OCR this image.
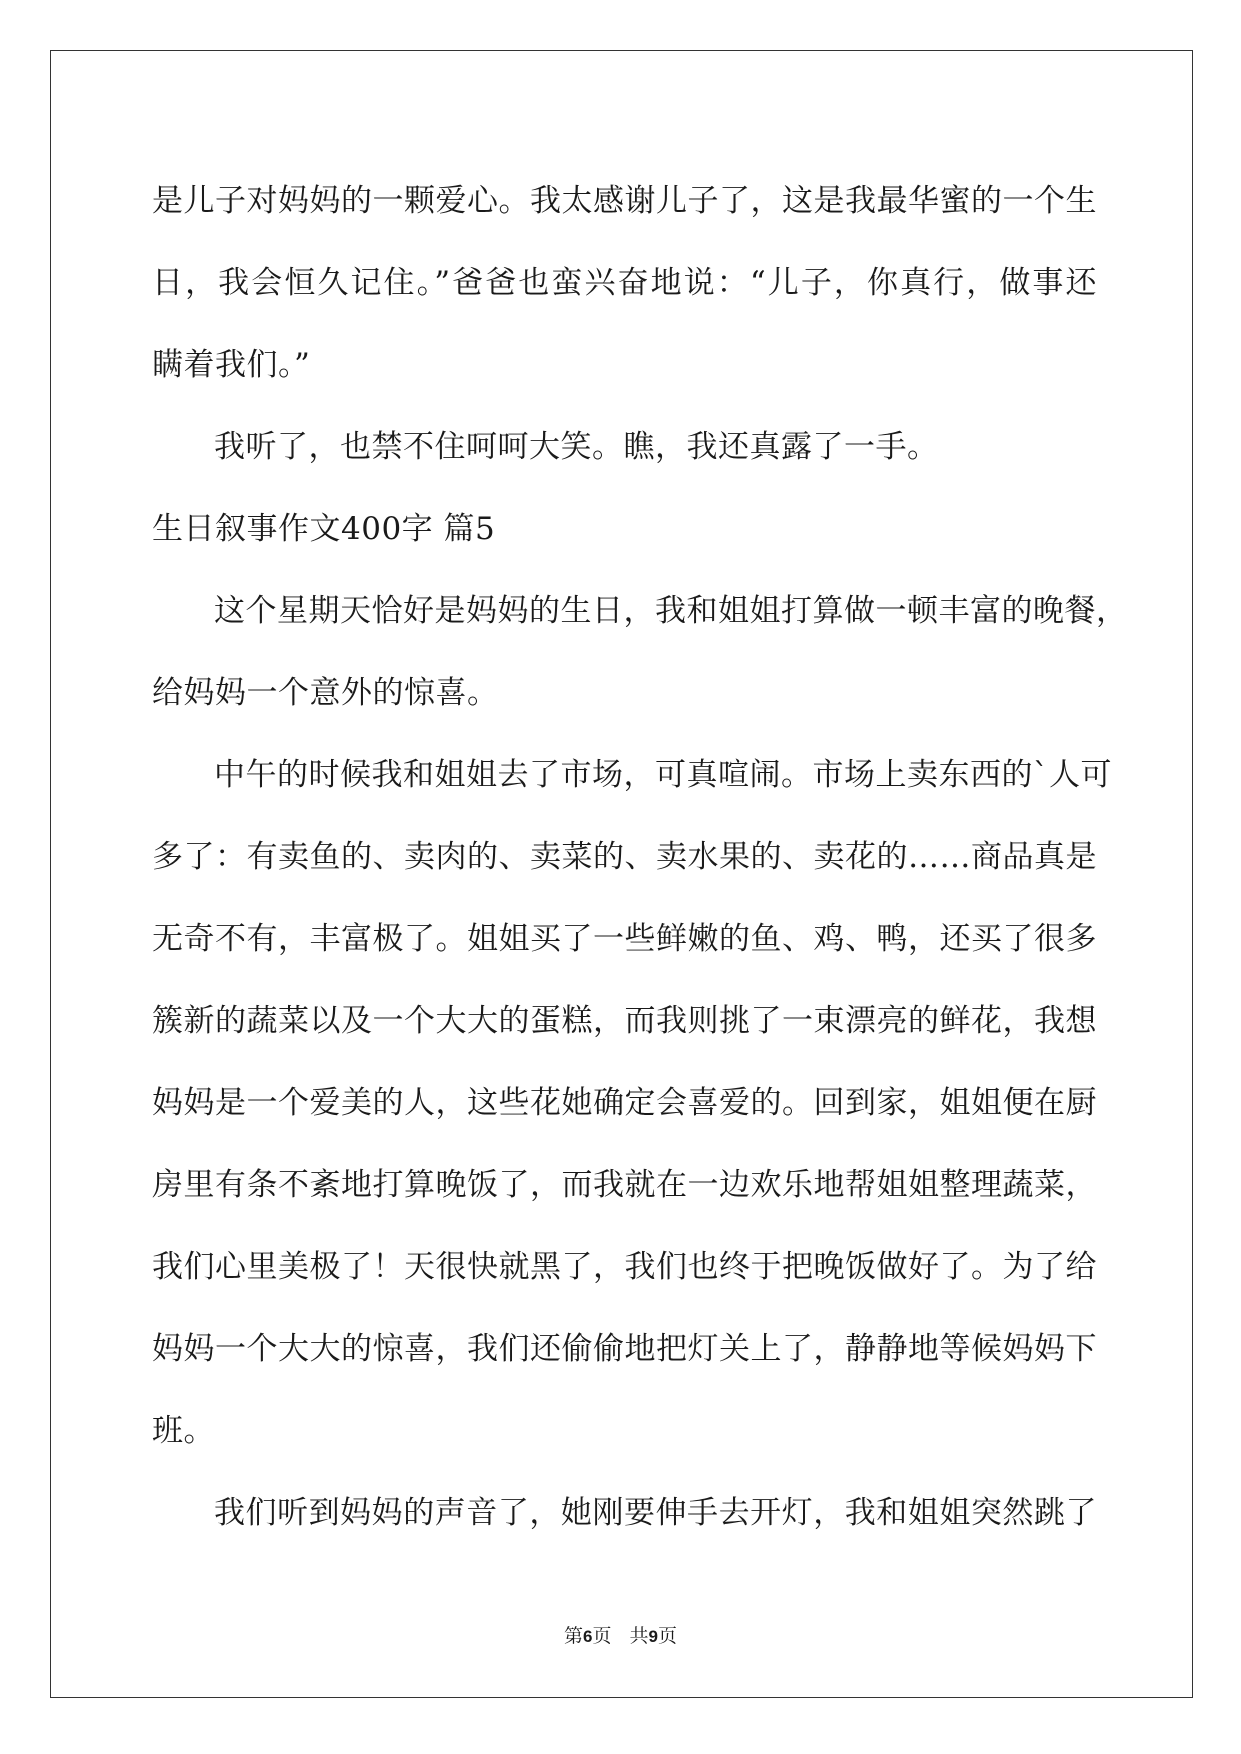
是儿子对妈妈的一颗爱心。我太感谢儿子了，这是我最华蜜的一个生
日，我会恒久记住。”爸爸也蛮兴奋地说：“儿子，你真行，做事还
瞒着我们。”
我听了，也禁不住呵呵大笑。瞧，我还真露了一手。
生日叙事作文400字 篇5
这个星期天恰好是妈妈的生日，我和姐姐打算做一顿丰富的晚餐，
给妈妈一个意外的惊喜。
中午的时候我和姐姐去了市场，可真喧闹。市场上卖东西的`人可
多了：有卖鱼的、卖肉的、卖菜的、卖水果的、卖花的……商品真是
无奇不有，丰富极了。姐姐买了一些鲜嫩的鱼、鸡、鸭，还买了很多
簇新的蔬菜以及一个大大的蛋糕，而我则挑了一束漂亮的鲜花，我想
妈妈是一个爱美的人，这些花她确定会喜爱的。回到家，姐姐便在厨
房里有条不紊地打算晚饭了，而我就在一边欢乐地帮姐姐整理蔬菜，
我们心里美极了！天很快就黑了，我们也终于把晚饭做好了。为了给
妈妈一个大大的惊喜，我们还偷偷地把灯关上了，静静地等候妈妈下
班。
我们听到妈妈的声音了，她刚要伸手去开灯，我和姐姐突然跳了
第6页 共9页
